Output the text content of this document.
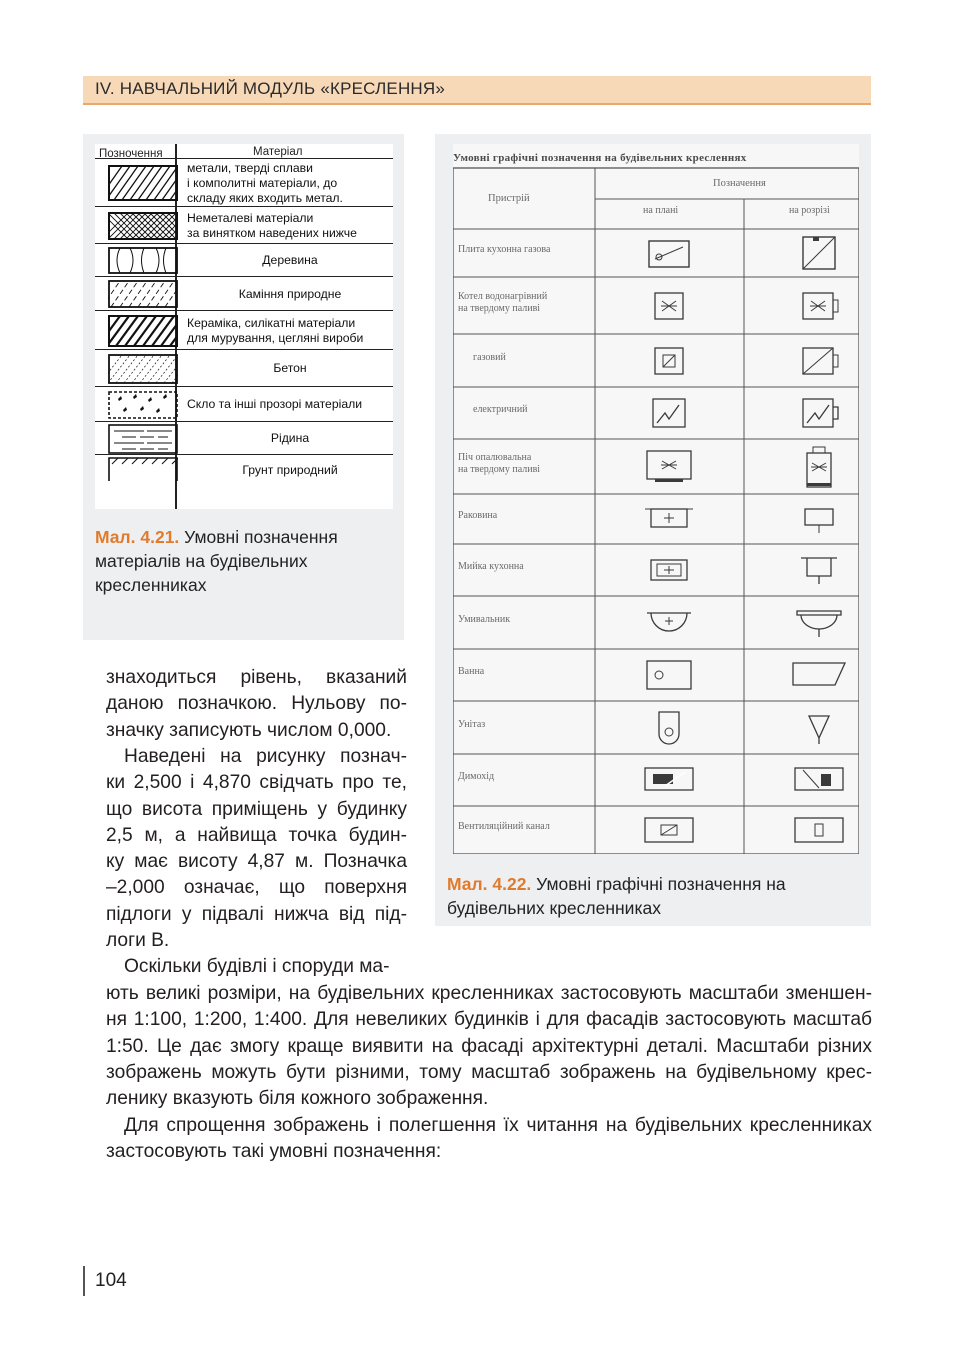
IV. НАВЧАЛЬНИЙ МОДУЛЬ «КРЕСЛЕННЯ»
Позночення	Матеріал
метали, тверді сплави
і комполитні матеріали, до
складу яких входить метал.
Неметалеві матеріали
за винятком наведених нижче
Деревина
Каміння природне
Кераміка, силікатні матеріали
для мурування, цегляні вироби
Бетон
Скло та інші прозорі матеріали
Рідина
Грунт природний
Мал. 4.21. Умовні позначення матеріалів на будівельних кресленниках
Умовні графічні позначення на будівельних кресленнях
Пристрій
Позначення
на плані	на розрізі
Плита кухонна газова
Котел водонагрівний
на твердому паливі
газовий
електричний
Піч опалювальна
на твердому паливі
Раковина
Мийка кухонна
Умивальник
Ванна
Унітаз
Димохід
Вентиляційний канал
Мал. 4.22. Умовні графічні позначення на будівельних кресленниках
знаходиться рівень, вказаний
даною позначкою. Нульову по-
значку записують числом 0,000.
Наведені на рисунку познач-
ки 2,500 і 4,870 свідчать про те,
що висота приміщень у будинку
2,5 м, а найвища точка будин-
ку має висоту 4,87 м. Позначка
–2,000 означає, що поверхня
підлоги у підвалі нижча від під-
логи В.
Оскільки будівлі і споруди ма-
ють великі розміри, на будівельних кресленниках застосовують масштаби зменшен-
ня 1:100, 1:200, 1:400. Для невеликих будинків і для фасадів застосовують масштаб
1:50. Це дає змогу краще виявити на фасаді архітектурні деталі. Масштаби різних
зображень можуть бути різними, тому масштаб зображень на будівельному крес-
ленику вказують біля кожного зображення.
Для спрощення зображень і полегшення їх читання на будівельних кресленниках
застосовують такі умовні позначення:
104
